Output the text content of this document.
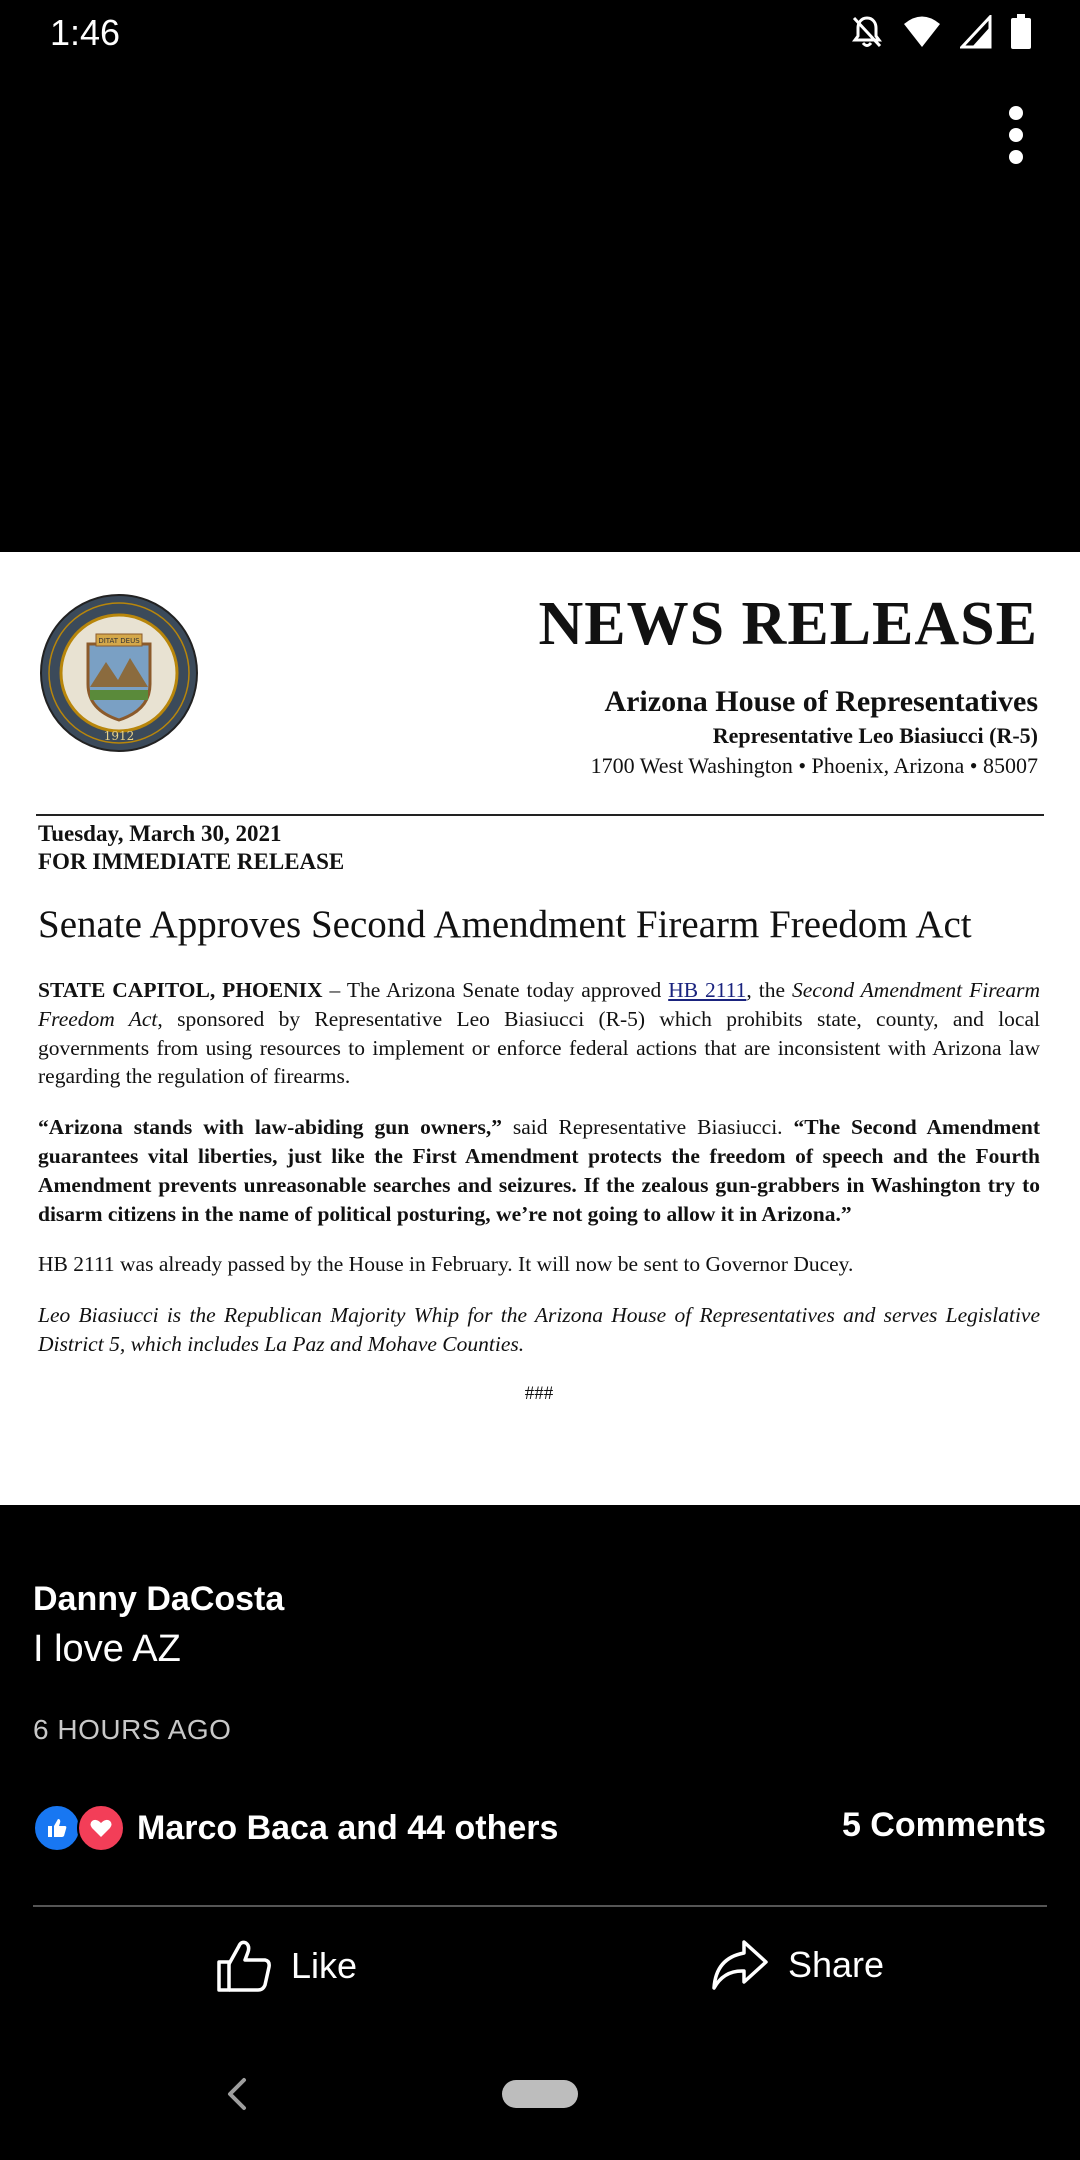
1:46
DITAT DEUS
1912
NEWS RELEASE
Arizona House of Representatives
Representative Leo Biasiucci (R-5)
1700 West Washington • Phoenix, Arizona • 85007
Tuesday, March 30, 2021
FOR IMMEDIATE RELEASE
Senate Approves Second Amendment Firearm Freedom Act

STATE CAPITOL, PHOENIX – The Arizona Senate today approved HB 2111, the Second Amendment Firearm Freedom Act, sponsored by Representative Leo Biasiucci (R-5) which prohibits state, county, and local governments from using resources to implement or enforce federal actions that are inconsistent with Arizona law regarding the regulation of firearms.

“Arizona stands with law-abiding gun owners,” said Representative Biasiucci. “The Second Amendment guarantees vital liberties, just like the First Amendment protects the freedom of speech and the Fourth Amendment prevents unreasonable searches and seizures. If the zealous gun-grabbers in Washington try to disarm citizens in the name of political posturing, we’re not going to allow it in Arizona.”

HB 2111 was already passed by the House in February. It will now be sent to Governor Ducey.

Leo Biasiucci is the Republican Majority Whip for the Arizona House of Representatives and serves Legislative District 5, which includes La Paz and Mohave Counties.

###
Danny DaCosta
I love AZ
6 HOURS AGO
Marco Baca and 44 others	5 Comments
Like	Share
